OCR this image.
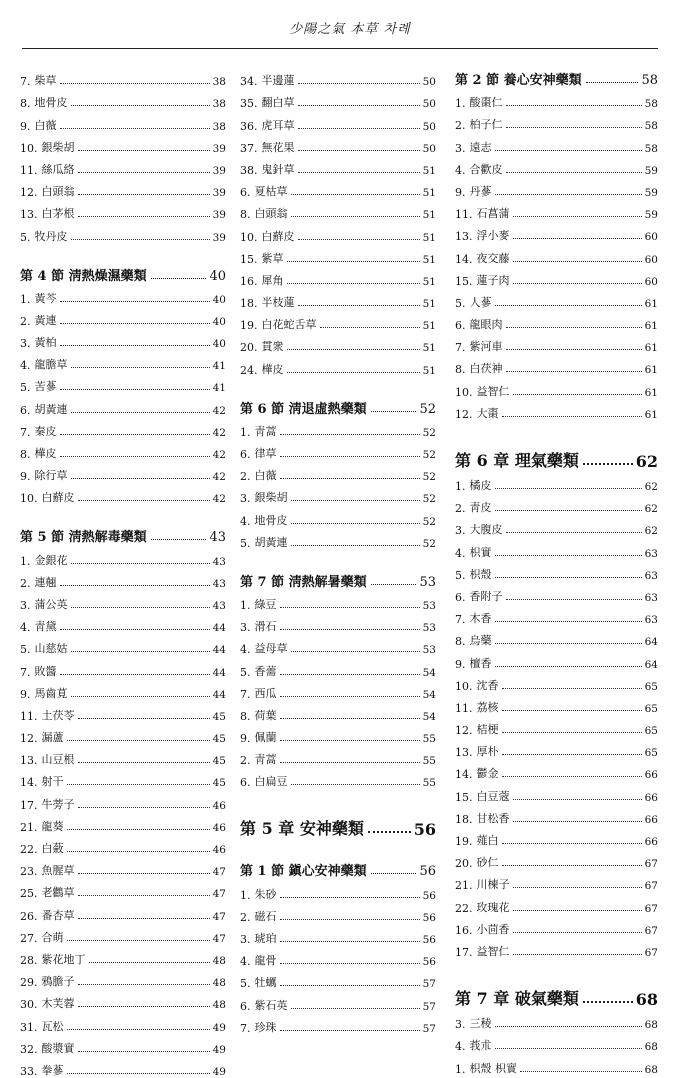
少陽之氣 本草 차례
7. 柴草	38
8. 地骨皮	38
9. 白薇	38
10. 銀柴胡	39
11. 絲瓜絡	39
12. 白頭翁	39
13. 白茅根	39
5. 牧丹皮	39
第 4 節 淸熱燥濕藥類	40
1. 黃芩	40
2. 黃連	40
3. 黃柏	40
4. 龍膽草	41
5. 苦蔘	41
6. 胡黃連	42
7. 秦皮	42
8. 樺皮	42
9. 除行草	42
10. 白蘚皮	42
第 5 節 淸熱解毒藥類	43
1. 金銀花	43
2. 連翹	43
3. 蒲公英	43
4. 靑黛	44
5. 山慈姑	44
7. 敗醬	44
9. 馬齒莧	44
11. 土茯苓	45
12. 漏蘆	45
13. 山豆根	45
14. 射干	45
17. 牛蒡子	46
21. 龍葵	46
22. 白蘞	46
23. 魚腥草	47
25. 老鸛草	47
26. 番杏草	47
27. 合萌	47
28. 紫花地丁	48
29. 鴉膽子	48
30. 木芙蓉	48
31. 瓦松	49
32. 酸漿實	49
33. 拳蔘	49
34. 半邊蓮	50
35. 翻白草	50
36. 虎耳草	50
37. 無花果	50
38. 鬼針草	51
6. 夏枯草	51
8. 白頭翁	51
10. 白蘚皮	51
15. 紫草	51
16. 犀角	51
18. 半枝蓮	51
19. 白花蛇舌草	51
20. 貫衆	51
24. 樺皮	51
第 6 節 淸退虛熱藥類	52
1. 靑蒿	52
6. 律草	52
2. 白薇	52
3. 銀柴胡	52
4. 地骨皮	52
5. 胡黃連	52
第 7 節 淸熱解暑藥類	53
1. 綠豆	53
3. 滑石	53
4. 益母草	53
5. 香薷	54
7. 西瓜	54
8. 荷葉	54
9. 佩蘭	55
2. 靑蒿	55
6. 白扁豆	55
第 5 章 安神藥類	56
第 1 節 鎭心安神藥類	56
1. 朱砂	56
2. 磁石	56
3. 琥珀	56
4. 龍骨	56
5. 牡蠣	57
6. 紫石英	57
7. 珍珠	57
第 2 節 養心安神藥類	58
1. 酸棗仁	58
2. 柏子仁	58
3. 遠志	58
4. 合歡皮	59
9. 丹蔘	59
11. 石菖蒲	59
13. 浮小麥	60
14. 夜交藤	60
15. 蓮子肉	60
5. 人蔘	61
6. 龍眼肉	61
7. 紫河車	61
8. 白茯神	61
10. 益智仁	61
12. 大棗	61
第 6 章 理氣藥類	62
1. 橘皮	62
2. 靑皮	62
3. 大腹皮	62
4. 枳實	63
5. 枳殼	63
6. 香附子	63
7. 木香	63
8. 烏藥	64
9. 檀香	64
10. 沈香	65
11. 荔核	65
12. 桔梗	65
13. 厚朴	65
14. 鬱金	66
15. 白豆蔲	66
18. 甘松香	66
19. 薤白	66
20. 砂仁	67
21. 川楝子	67
22. 玫瑰花	67
16. 小茴香	67
17. 益智仁	67
第 7 章 破氣藥類	68
3. 三稜	68
4. 莪朮	68
1. 枳殼 枳實	68
